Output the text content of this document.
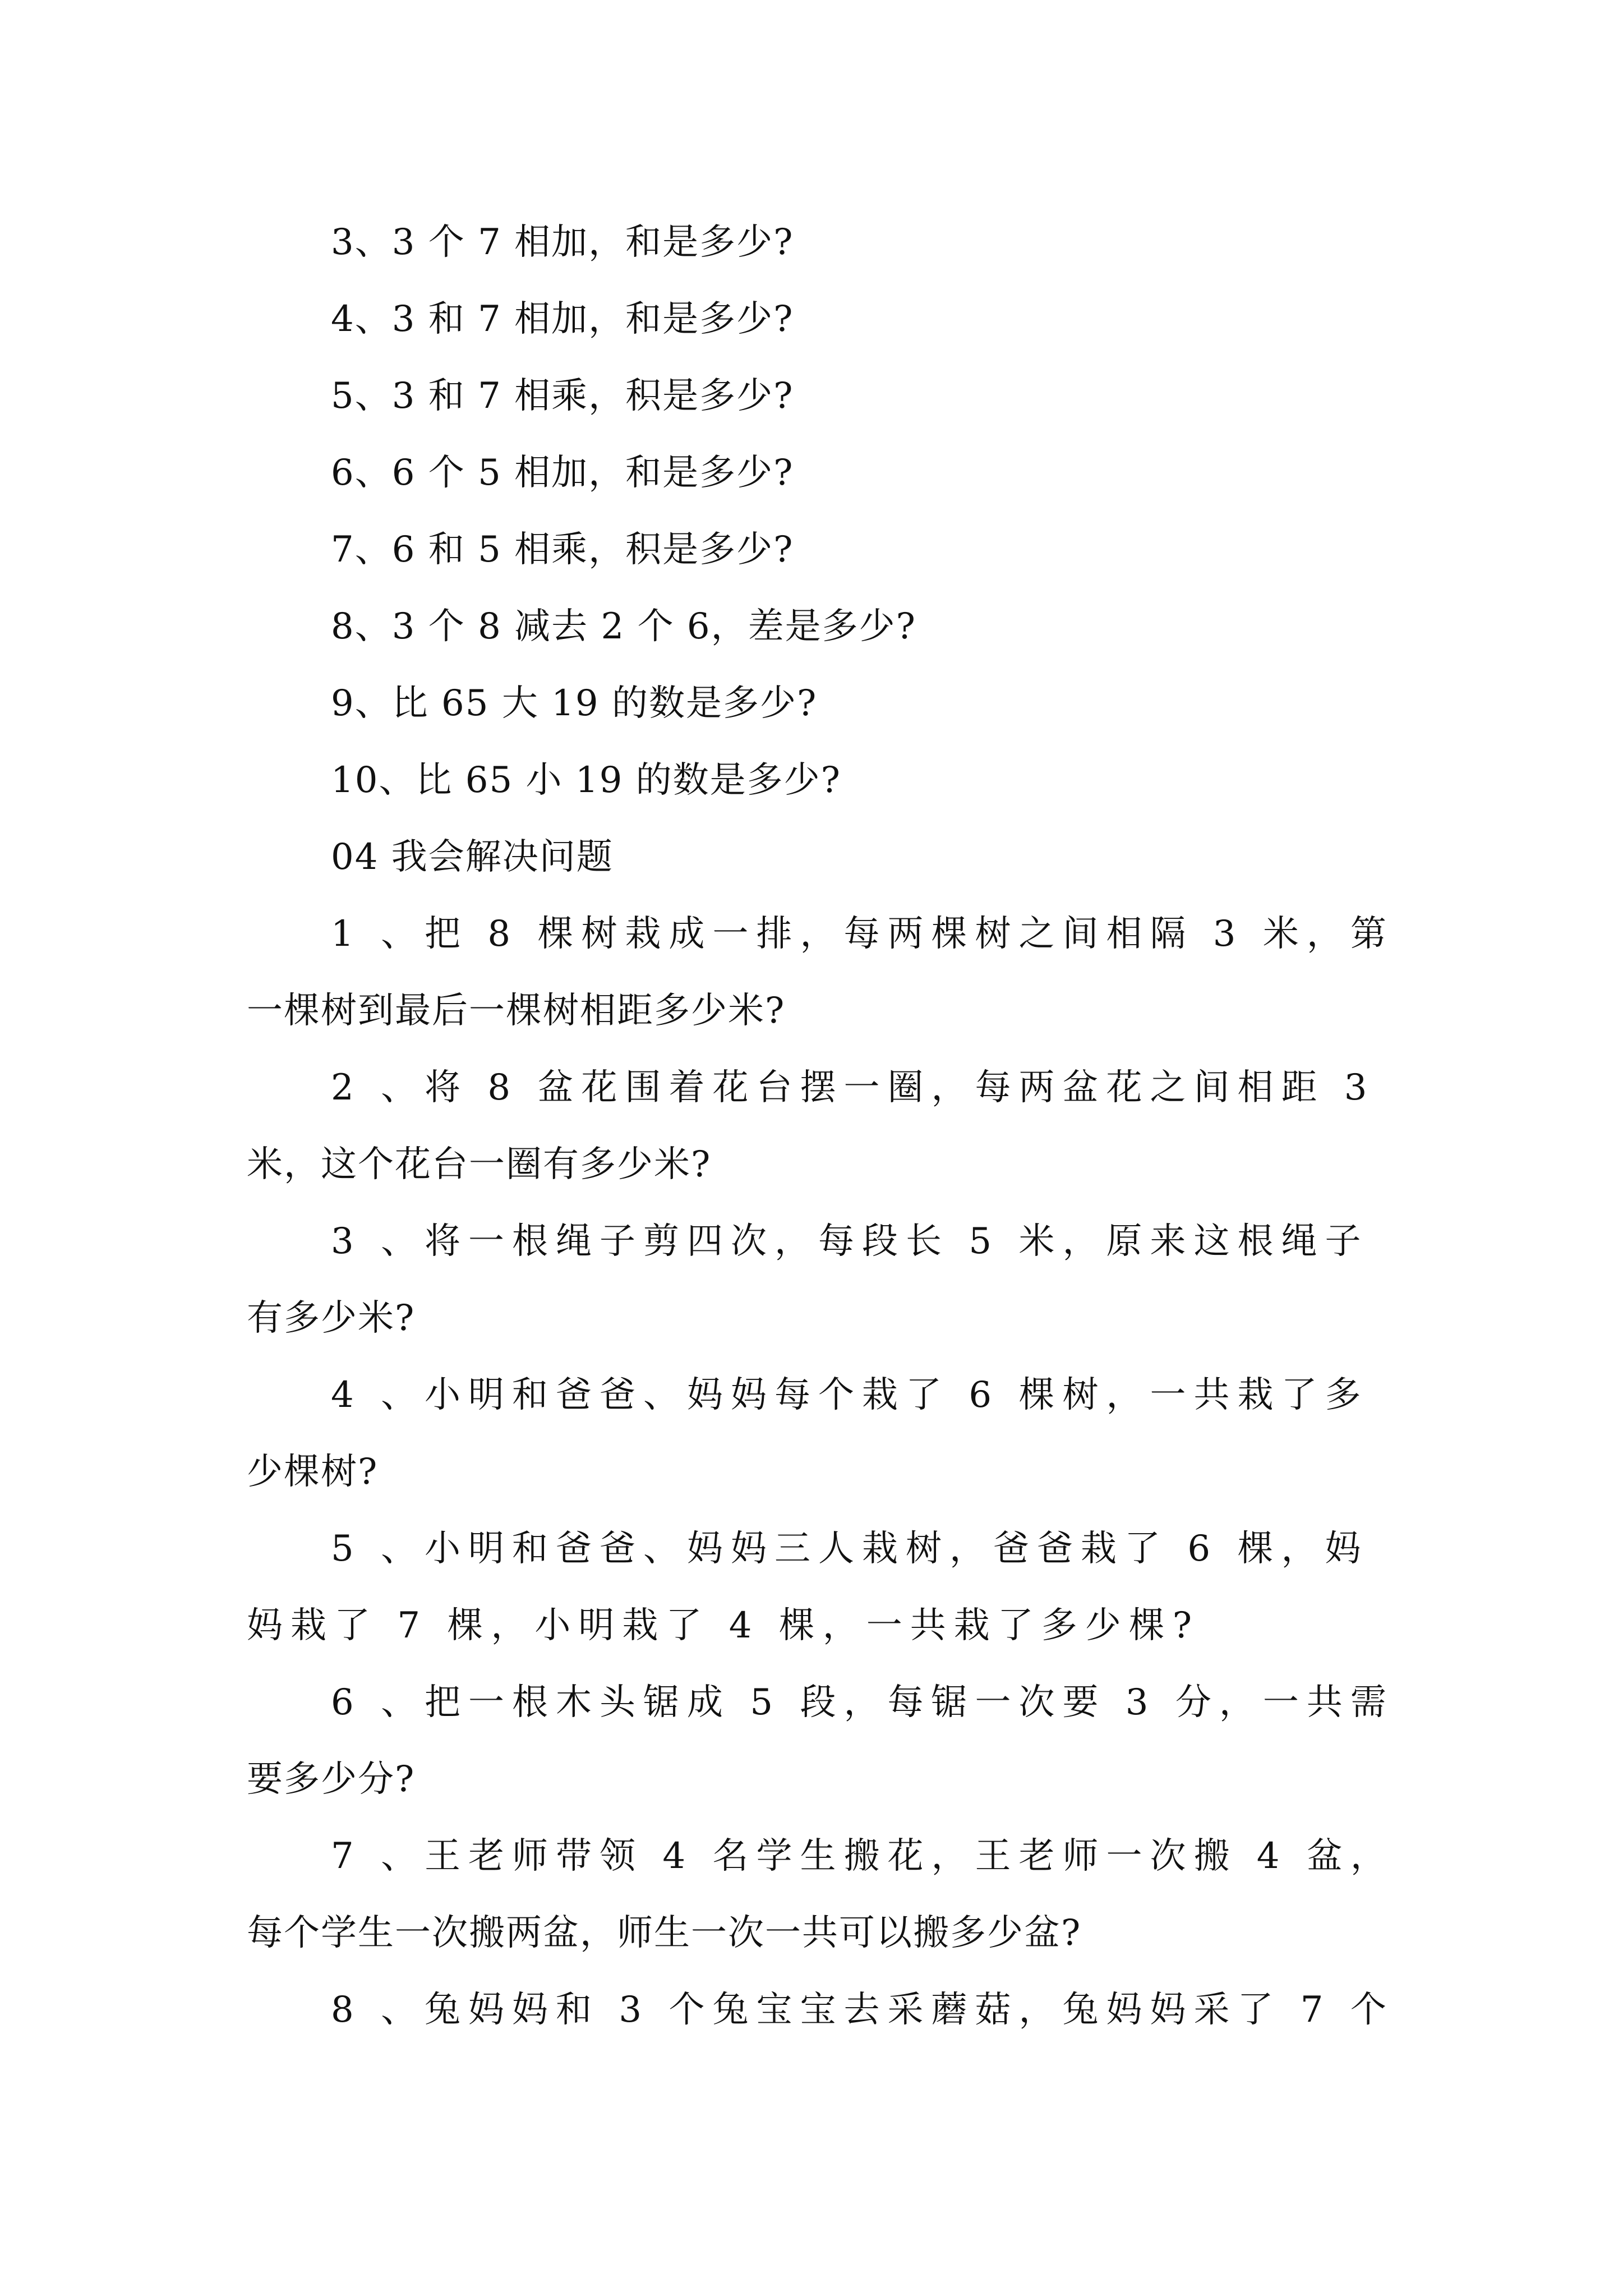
3、3 个 7 相加，和是多少?
4、3 和 7 相加，和是多少?
5、3 和 7 相乘，积是多少?
6、6 个 5 相加，和是多少?
7、6 和 5 相乘，积是多少?
8、3 个 8 减去 2 个 6，差是多少?
9、比 65 大 19 的数是多少?
10、比 65 小 19 的数是多少?
04 我会解决问题
1 、把 8 棵树栽成一排，每两棵树之间相隔 3 米，第
一棵树到最后一棵树相距多少米?
2 、将 8 盆花围着花台摆一圈，每两盆花之间相距 3
米，这个花台一圈有多少米?
3 、将一根绳子剪四次，每段长 5 米，原来这根绳子
有多少米?
4 、小明和爸爸、妈妈每个栽了 6 棵树，一共栽了多
少棵树?
5 、小明和爸爸、妈妈三人栽树，爸爸栽了 6 棵，妈
妈栽了 7 棵，小明栽了 4 棵，一共栽了多少棵?
6 、把一根木头锯成 5 段，每锯一次要 3 分，一共需
要多少分?
7 、王老师带领 4 名学生搬花，王老师一次搬 4 盆，
每个学生一次搬两盆，师生一次一共可以搬多少盆?
8 、兔妈妈和 3 个兔宝宝去采蘑菇，兔妈妈采了 7 个
